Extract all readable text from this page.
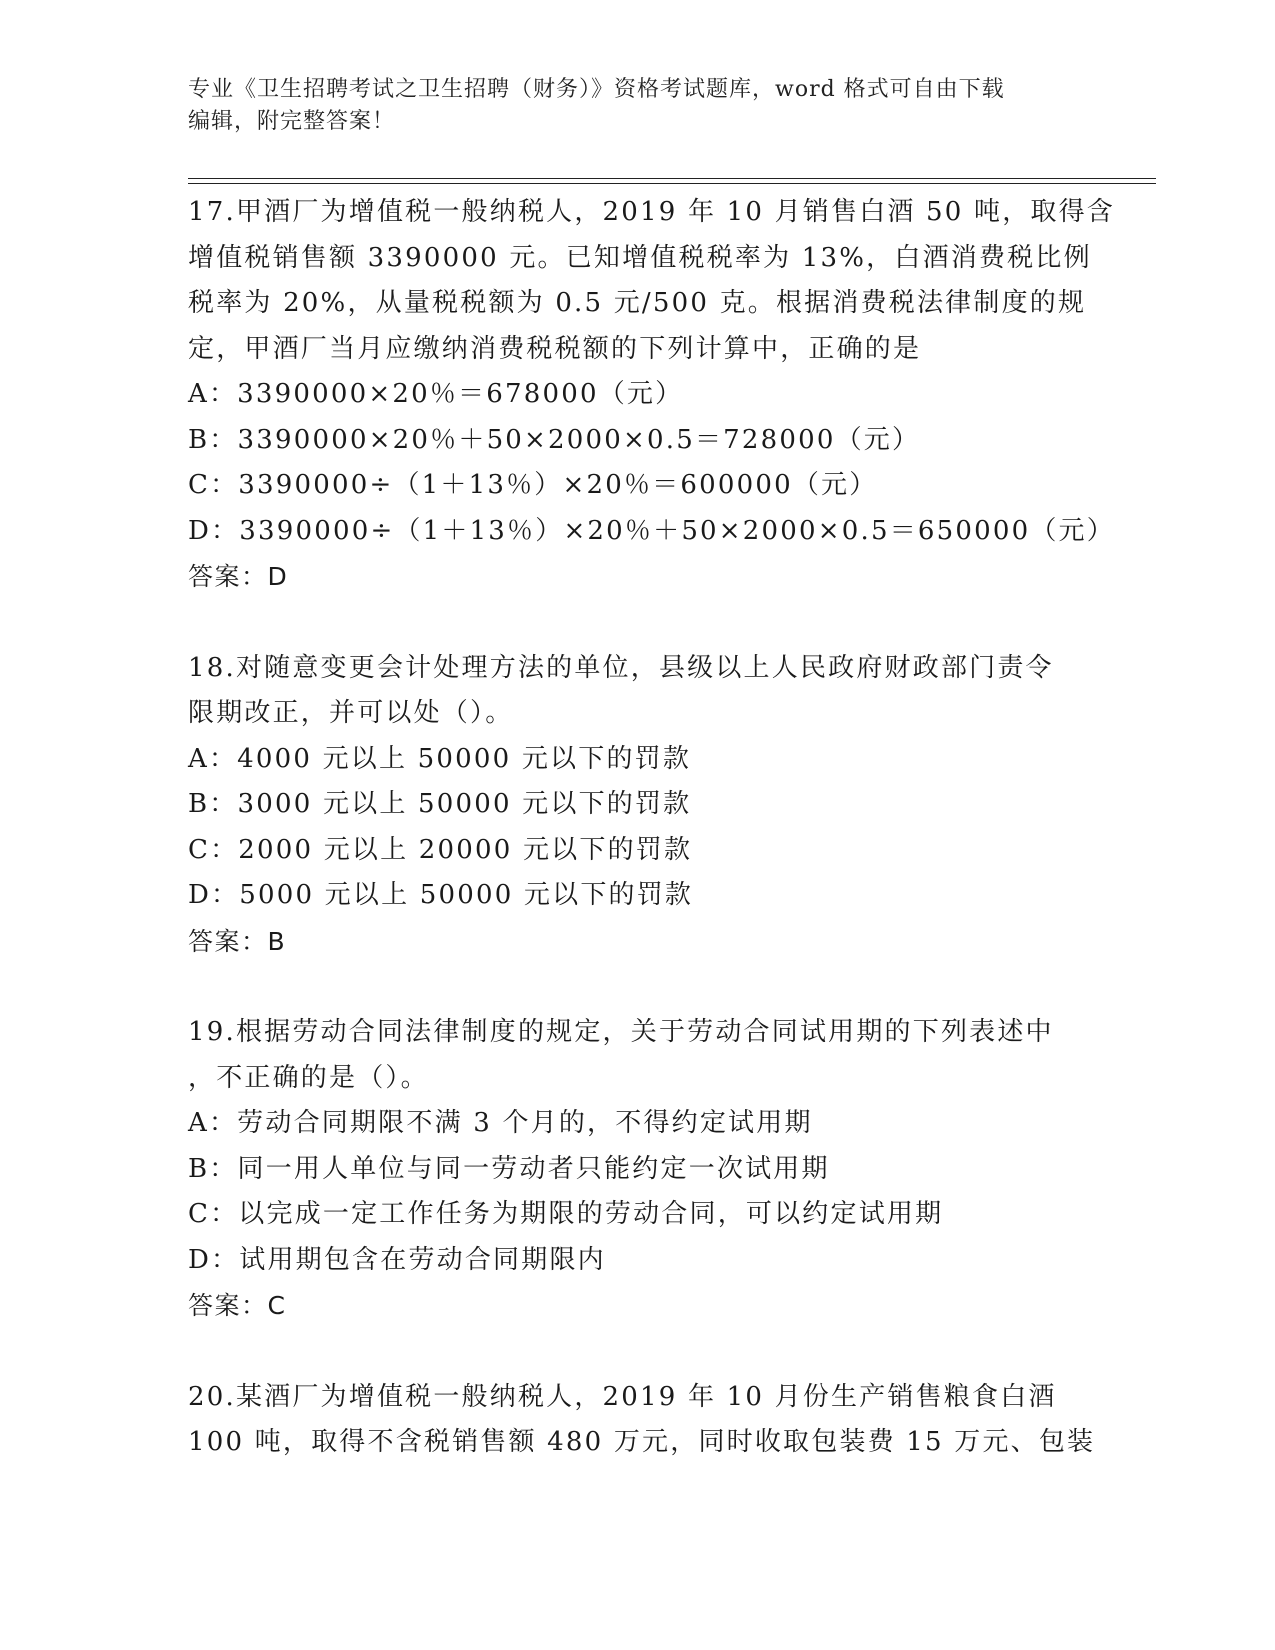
专业《卫生招聘考试之卫生招聘（财务）》资格考试题库，word 格式可自由下载
编辑，附完整答案！
17.甲酒厂为增值税一般纳税人，2019 年 10 月销售白酒 50 吨，取得含
增值税销售额 3390000 元。已知增值税税率为 13%，白酒消费税比例
税率为 20%，从量税税额为 0.5 元/500 克。根据消费税法律制度的规
定，甲酒厂当月应缴纳消费税税额的下列计算中，正确的是
A：3390000×20％＝678000（元）
B：3390000×20％＋50×2000×0.5＝728000（元）
C：3390000÷（1＋13％）×20％＝600000（元）
D：3390000÷（1＋13％）×20％＋50×2000×0.5＝650000（元）
答案：D
18.对随意变更会计处理方法的单位，县级以上人民政府财政部门责令
限期改正，并可以处（）。
A：4000 元以上 50000 元以下的罚款
B：3000 元以上 50000 元以下的罚款
C：2000 元以上 20000 元以下的罚款
D：5000 元以上 50000 元以下的罚款
答案：B
19.根据劳动合同法律制度的规定，关于劳动合同试用期的下列表述中
，不正确的是（）。
A：劳动合同期限不满 3 个月的，不得约定试用期
B：同一用人单位与同一劳动者只能约定一次试用期
C：以完成一定工作任务为期限的劳动合同，可以约定试用期
D：试用期包含在劳动合同期限内
答案：C
20.某酒厂为增值税一般纳税人，2019 年 10 月份生产销售粮食白酒
100 吨，取得不含税销售额 480 万元，同时收取包装费 15 万元、包装
